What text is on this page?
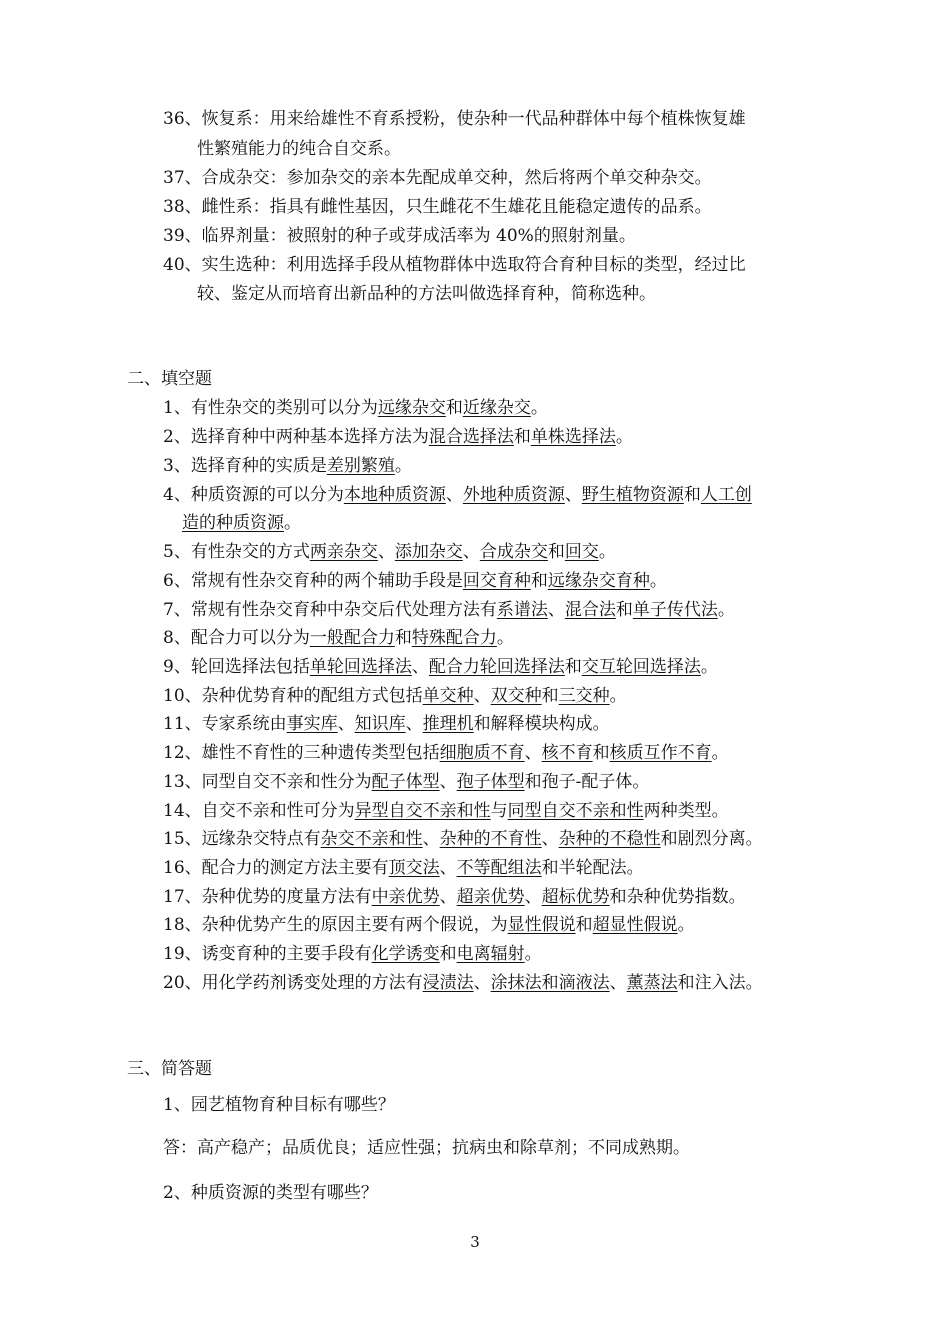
36、恢复系：用来给雄性不育系授粉，使杂种一代品种群体中每个植株恢复雄
性繁殖能力的纯合自交系。
37、合成杂交：参加杂交的亲本先配成单交种，然后将两个单交种杂交。
38、雌性系：指具有雌性基因，只生雌花不生雄花且能稳定遗传的品系。
39、临界剂量：被照射的种子或芽成活率为 40%的照射剂量。
40、实生选种：利用选择手段从植物群体中选取符合育种目标的类型，经过比
较、鉴定从而培育出新品种的方法叫做选择育种，简称选种。
二、填空题
1、有性杂交的类别可以分为远缘杂交和近缘杂交。
2、选择育种中两种基本选择方法为混合选择法和单株选择法。
3、选择育种的实质是差别繁殖。
4、种质资源的可以分为本地种质资源、外地种质资源、野生植物资源和人工创
造的种质资源。
5、有性杂交的方式两亲杂交、添加杂交、合成杂交和回交。
6、常规有性杂交育种的两个辅助手段是回交育种和远缘杂交育种。
7、常规有性杂交育种中杂交后代处理方法有系谱法、混合法和单子传代法。
8、配合力可以分为一般配合力和特殊配合力。
9、轮回选择法包括单轮回选择法、配合力轮回选择法和交互轮回选择法。
10、杂种优势育种的配组方式包括单交种、双交种和三交种。
11、专家系统由事实库、知识库、推理机和解释模块构成。
12、雄性不育性的三种遗传类型包括细胞质不育、核不育和核质互作不育。
13、同型自交不亲和性分为配子体型、孢子体型和孢子-配子体。
14、自交不亲和性可分为异型自交不亲和性与同型自交不亲和性两种类型。
15、远缘杂交特点有杂交不亲和性、杂种的不育性、杂种的不稳性和剧烈分离。
16、配合力的测定方法主要有顶交法、不等配组法和半轮配法。
17、杂种优势的度量方法有中亲优势、超亲优势、超标优势和杂种优势指数。
18、杂种优势产生的原因主要有两个假说，为显性假说和超显性假说。
19、诱变育种的主要手段有化学诱变和电离辐射。
20、用化学药剂诱变处理的方法有浸渍法、涂抹法和滴液法、薰蒸法和注入法。
三、简答题
1、园艺植物育种目标有哪些？
答：高产稳产；品质优良；适应性强；抗病虫和除草剂；不同成熟期。
2、种质资源的类型有哪些？
3
